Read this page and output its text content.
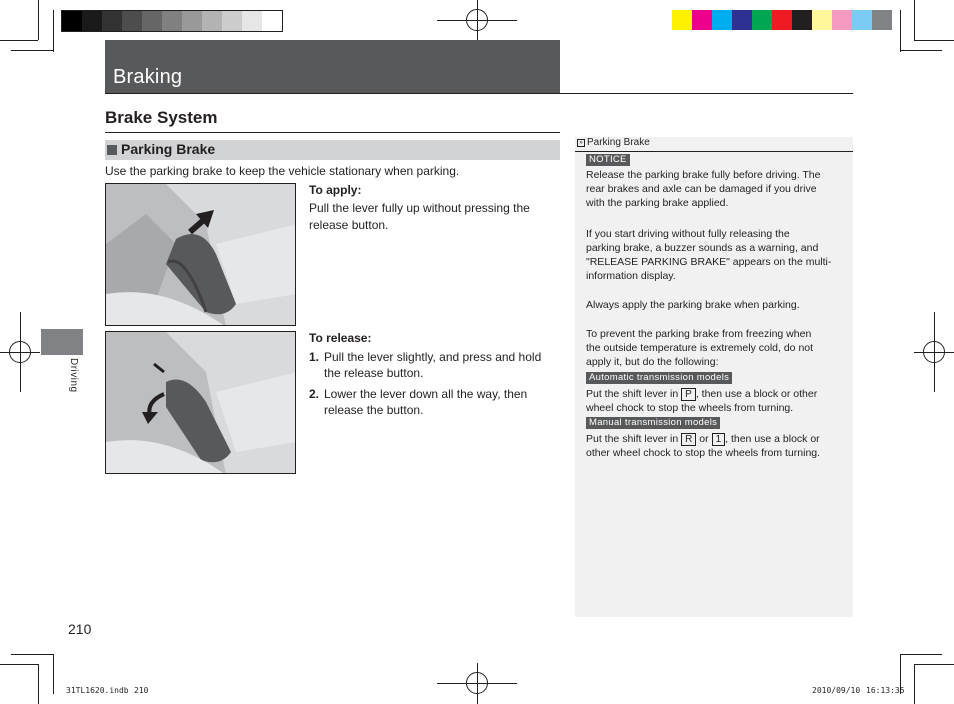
Braking
Brake System
Parking Brake
Use the parking brake to keep the vehicle stationary when parking.
Driving
To apply:
Pull the lever fully up without pressing the
release button.
To release:
1. Pull the lever slightly, and press and hold
the release button.
2. Lower the lever down all the way, then
release the button.
» Parking Brake
NOTICE
Release the parking brake fully before driving. The
rear brakes and axle can be damaged if you drive
with the parking brake applied.
If you start driving without fully releasing the
parking brake, a buzzer sounds as a warning, and
"RELEASE PARKING BRAKE" appears on the multi-
information display.
Always apply the parking brake when parking.
To prevent the parking brake from freezing when
the outside temperature is extremely cold, do not
apply it, but do the following:
Automatic transmission models
Put the shift lever in P , then use a block or other
wheel chock to stop the wheels from turning.
Manual transmission models
Put the shift lever in R or 1 , then use a block or
other wheel chock to stop the wheels from turning.
210
31TL1620.indb 210	2010/09/10 16:13:35
